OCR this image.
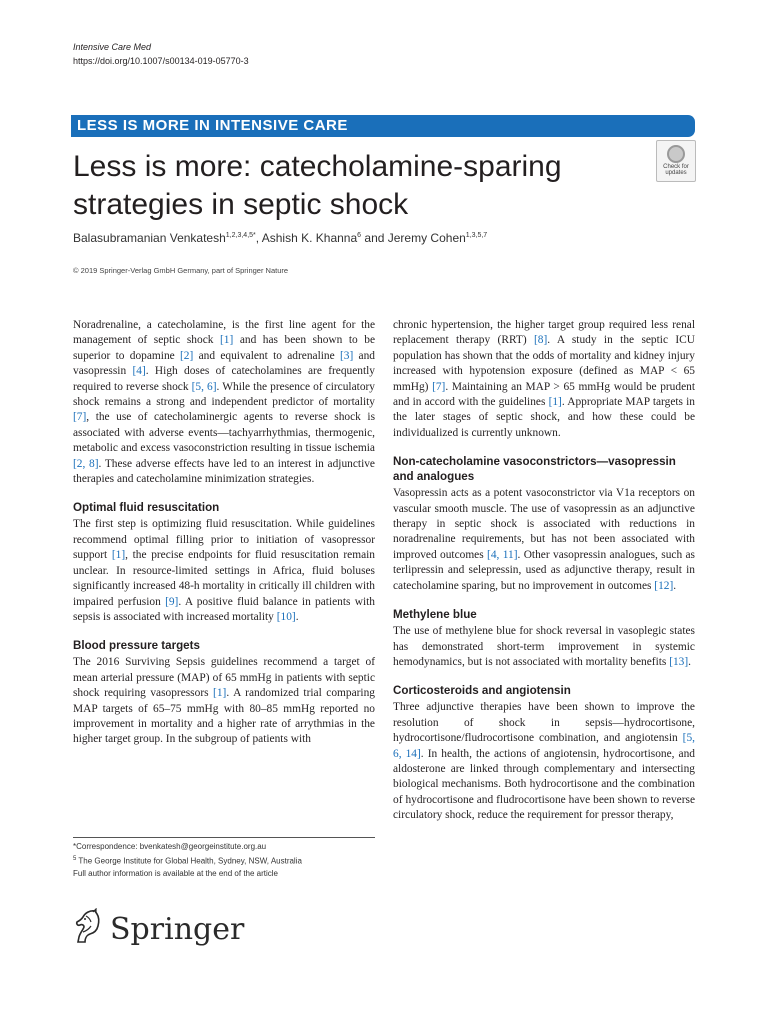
Intensive Care Med
https://doi.org/10.1007/s00134-019-05770-3
LESS IS MORE IN INTENSIVE CARE
Less is more: catecholamine-sparing
strategies in septic shock
Check for
updates
Balasubramanian Venkatesh$^{1,2,3,4,5*}$, Ashish K. Khanna$^6$ and Jeremy Cohen$^{1,3,5,7}$
© 2019 Springer-Verlag GmbH Germany, part of Springer Nature

Noradrenaline, a catecholamine, is the first line agent for the management of septic shock [1] and has been shown to be superior to dopamine [2] and equivalent to adrenaline [3] and vasopressin [4]. High doses of catecholamines are frequently required to reverse shock [5, 6]. While the presence of circulatory shock remains a strong and independent predictor of mortality [7], the use of catecholaminergic agents to reverse shock is associated with adverse events—tachyarrhythmias, thermogenic, metabolic and excess vasoconstriction resulting in tissue ischemia [2, 8]. These adverse effects have led to an interest in adjunctive therapies and catecholamine minimization strategies.

Optimal fluid resuscitation

The first step is optimizing fluid resuscitation. While guidelines recommend optimal filling prior to initiation of vasopressor support [1], the precise endpoints for fluid resuscitation remain unclear. In resource-limited settings in Africa, fluid boluses significantly increased 48-h mortality in critically ill children with impaired perfusion [9]. A positive fluid balance in patients with sepsis is associated with increased mortality [10].

Blood pressure targets

The 2016 Surviving Sepsis guidelines recommend a target of mean arterial pressure (MAP) of 65 mmHg in patients with septic shock requiring vasopressors [1]. A randomized trial comparing MAP targets of 65–75 mmHg with 80–85 mmHg reported no improvement in mortality and a higher rate of arrythmias in the higher target group. In the subgroup of patients with

chronic hypertension, the higher target group required less renal replacement therapy (RRT) [8]. A study in the septic ICU population has shown that the odds of mortality and kidney injury increased with hypotension exposure (defined as MAP < 65 mmHg) [7]. Maintaining an MAP > 65 mmHg would be prudent and in accord with the guidelines [1]. Appropriate MAP targets in the later stages of septic shock, and how these could be individualized is currently unknown.

Non-catecholamine vasoconstrictors—vasopressin and analogues

Vasopressin acts as a potent vasoconstrictor via V1a receptors on vascular smooth muscle. The use of vasopressin as an adjunctive therapy in septic shock is associated with reductions in noradrenaline requirements, but has not been associated with improved outcomes [4, 11]. Other vasopressin analogues, such as terlipressin and selepressin, used as adjunctive therapy, result in catecholamine sparing, but no improvement in outcomes [12].

Methylene blue

The use of methylene blue for shock reversal in vasoplegic states has demonstrated short-term improvement in systemic hemodynamics, but is not associated with mortality benefits [13].

Corticosteroids and angiotensin

Three adjunctive therapies have been shown to improve the resolution of shock in sepsis—hydrocortisone, hydrocortisone/fludrocortisone combination, and angiotensin [5, 6, 14]. In health, the actions of angiotensin, hydrocortisone, and aldosterone are linked through complementary and intersecting biological mechanisms. Both hydrocortisone and the combination of hydrocortisone and fludrocortisone have been shown to reverse circulatory shock, reduce the requirement for pressor therapy,

*Correspondence: bvenkatesh@georgeinstitute.org.au
$^5$ The George Institute for Global Health, Sydney, NSW, Australia
Full author information is available at the end of the article
Springer
